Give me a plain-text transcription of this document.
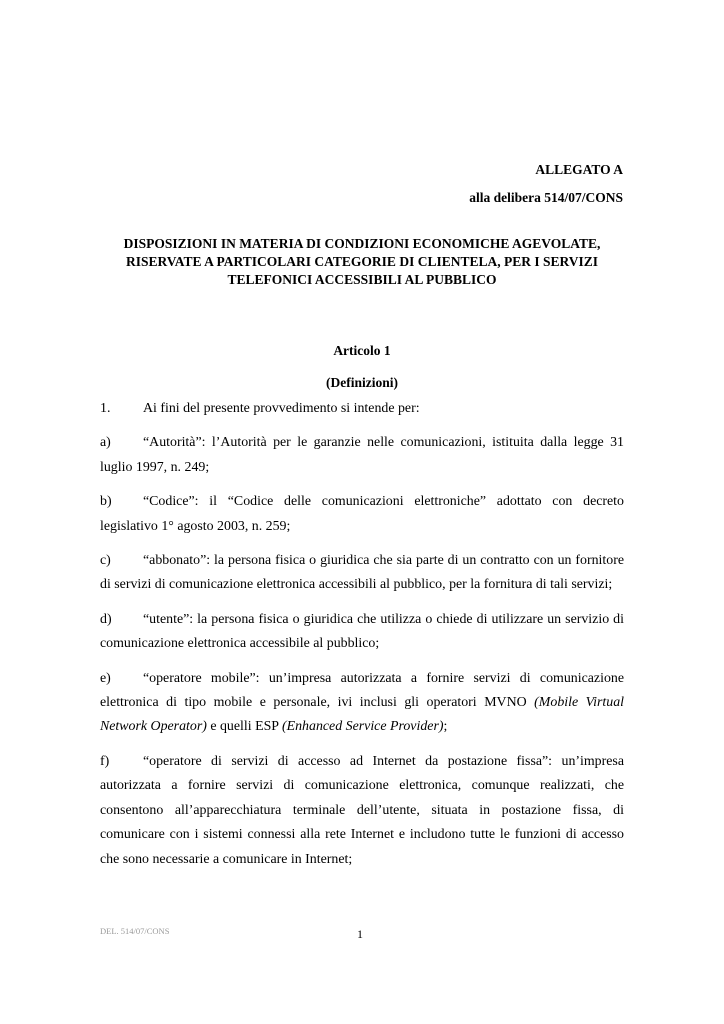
ALLEGATO A
alla delibera 514/07/CONS
DISPOSIZIONI IN MATERIA DI CONDIZIONI ECONOMICHE AGEVOLATE,
RISERVATE A PARTICOLARI CATEGORIE DI CLIENTELA, PER I SERVIZI
TELEFONICI ACCESSIBILI AL PUBBLICO
Articolo 1
(Definizioni)
1. Ai fini del presente provvedimento si intende per:
a) “Autorità”: l’Autorità per le garanzie nelle comunicazioni, istituita dalla legge 31 luglio 1997, n. 249;
b) “Codice”: il “Codice delle comunicazioni elettroniche” adottato con decreto legislativo 1° agosto 2003, n. 259;
c) “abbonato”: la persona fisica o giuridica che sia parte di un contratto con un fornitore di servizi di comunicazione elettronica accessibili al pubblico, per la fornitura di tali servizi;
d) “utente”: la persona fisica o giuridica che utilizza o chiede di utilizzare un servizio di comunicazione elettronica accessibile al pubblico;
e) “operatore mobile”: un’impresa autorizzata a fornire servizi di comunicazione elettronica di tipo mobile e personale, ivi inclusi gli operatori MVNO (Mobile Virtual Network Operator) e quelli ESP (Enhanced Service Provider);
f) “operatore di servizi di accesso ad Internet da postazione fissa”: un’impresa autorizzata a fornire servizi di comunicazione elettronica, comunque realizzati, che consentono all’apparecchiatura terminale dell’utente, situata in postazione fissa, di comunicare con i sistemi connessi alla rete Internet e includono tutte le funzioni di accesso che sono necessarie a comunicare in Internet;
DEL. 514/07/CONS	1
